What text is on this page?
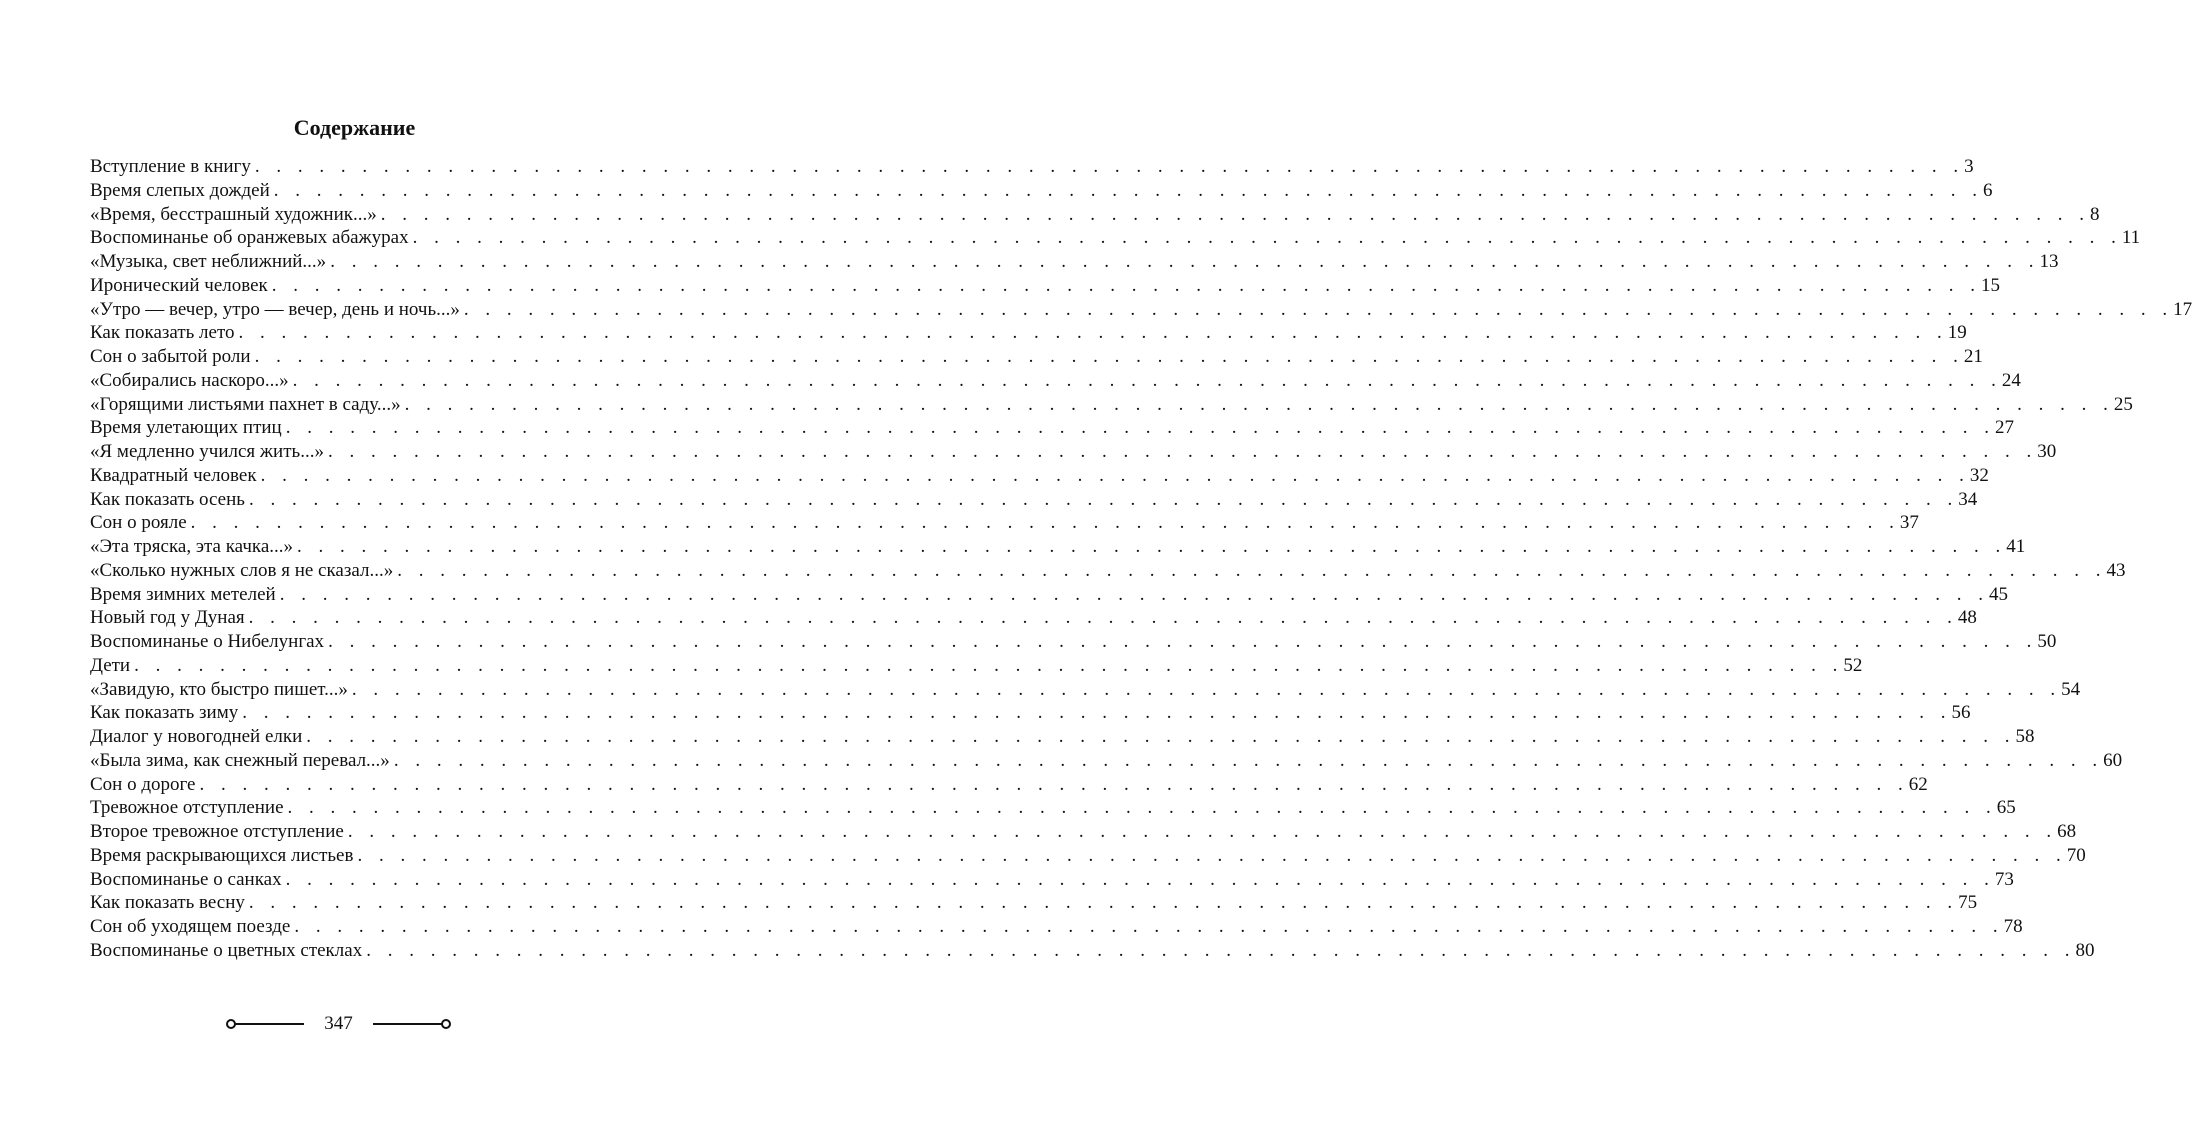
Содержание
Вступление в книгу . . . . . . . . . . . . . . . . . . . . . . . . . . . . . . . . . . . . . . . . . . . . . . . . . . . . . . . . . . . . . . . . . . . . . . . . . . . . . . . . 3
Время слепых дождей . . . . . . . . . . . . . . . . . . . . . . . . . . . . . . . . . . . . . . . . . . . . . . . . . . . . . . . . . . . . . . . . . . . . . . . . . . . . . . . . 6
«Время, бесстрашный художник...» . . . . . . . . . . . . . . . . . . . . . . . . . . . . . . . . . . . . . . . . . . . . . . . . . . . . . . . . . . . . . . . . . . . . . . . . . . . . . . . . 8
Воспоминанье об оранжевых абажурах . . . . . . . . . . . . . . . . . . . . . . . . . . . . . . . . . . . . . . . . . . . . . . . . . . . . . . . . . . . . . . . . . . . . . . . . . . . . . . . . 11
«Музыка, свет неближний...» . . . . . . . . . . . . . . . . . . . . . . . . . . . . . . . . . . . . . . . . . . . . . . . . . . . . . . . . . . . . . . . . . . . . . . . . . . . . . . . . 13
Иронический человек . . . . . . . . . . . . . . . . . . . . . . . . . . . . . . . . . . . . . . . . . . . . . . . . . . . . . . . . . . . . . . . . . . . . . . . . . . . . . . . . 15
«Утро — вечер, утро — вечер, день и ночь...» . . . . . . . . . . . . . . . . . . . . . . . . . . . . . . . . . . . . . . . . . . . . . . . . . . . . . . . . . . . . . . . . . . . . . . . . . . . . . . . . 17
Как показать лето . . . . . . . . . . . . . . . . . . . . . . . . . . . . . . . . . . . . . . . . . . . . . . . . . . . . . . . . . . . . . . . . . . . . . . . . . . . . . . . . 19
Сон о забытой роли . . . . . . . . . . . . . . . . . . . . . . . . . . . . . . . . . . . . . . . . . . . . . . . . . . . . . . . . . . . . . . . . . . . . . . . . . . . . . . . . 21
«Собирались наскоро...» . . . . . . . . . . . . . . . . . . . . . . . . . . . . . . . . . . . . . . . . . . . . . . . . . . . . . . . . . . . . . . . . . . . . . . . . . . . . . . . . 24
«Горящими листьями пахнет в саду...» . . . . . . . . . . . . . . . . . . . . . . . . . . . . . . . . . . . . . . . . . . . . . . . . . . . . . . . . . . . . . . . . . . . . . . . . . . . . . . . . 25
Время улетающих птиц . . . . . . . . . . . . . . . . . . . . . . . . . . . . . . . . . . . . . . . . . . . . . . . . . . . . . . . . . . . . . . . . . . . . . . . . . . . . . . . . 27
«Я медленно учился жить...» . . . . . . . . . . . . . . . . . . . . . . . . . . . . . . . . . . . . . . . . . . . . . . . . . . . . . . . . . . . . . . . . . . . . . . . . . . . . . . . . 30
Квадратный человек . . . . . . . . . . . . . . . . . . . . . . . . . . . . . . . . . . . . . . . . . . . . . . . . . . . . . . . . . . . . . . . . . . . . . . . . . . . . . . . . 32
Как показать осень . . . . . . . . . . . . . . . . . . . . . . . . . . . . . . . . . . . . . . . . . . . . . . . . . . . . . . . . . . . . . . . . . . . . . . . . . . . . . . . . 34
Сон о рояле . . . . . . . . . . . . . . . . . . . . . . . . . . . . . . . . . . . . . . . . . . . . . . . . . . . . . . . . . . . . . . . . . . . . . . . . . . . . . . . . 37
«Эта тряска, эта качка...» . . . . . . . . . . . . . . . . . . . . . . . . . . . . . . . . . . . . . . . . . . . . . . . . . . . . . . . . . . . . . . . . . . . . . . . . . . . . . . . . 41
«Сколько нужных слов я не сказал...» . . . . . . . . . . . . . . . . . . . . . . . . . . . . . . . . . . . . . . . . . . . . . . . . . . . . . . . . . . . . . . . . . . . . . . . . . . . . . . . . 43
Время зимних метелей . . . . . . . . . . . . . . . . . . . . . . . . . . . . . . . . . . . . . . . . . . . . . . . . . . . . . . . . . . . . . . . . . . . . . . . . . . . . . . . . 45
Новый год у Дуная . . . . . . . . . . . . . . . . . . . . . . . . . . . . . . . . . . . . . . . . . . . . . . . . . . . . . . . . . . . . . . . . . . . . . . . . . . . . . . . . 48
Воспоминанье о Нибелунгах . . . . . . . . . . . . . . . . . . . . . . . . . . . . . . . . . . . . . . . . . . . . . . . . . . . . . . . . . . . . . . . . . . . . . . . . . . . . . . . . 50
Дети . . . . . . . . . . . . . . . . . . . . . . . . . . . . . . . . . . . . . . . . . . . . . . . . . . . . . . . . . . . . . . . . . . . . . . . . . . . . . . . . 52
«Завидую, кто быстро пишет...» . . . . . . . . . . . . . . . . . . . . . . . . . . . . . . . . . . . . . . . . . . . . . . . . . . . . . . . . . . . . . . . . . . . . . . . . . . . . . . . . 54
Как показать зиму . . . . . . . . . . . . . . . . . . . . . . . . . . . . . . . . . . . . . . . . . . . . . . . . . . . . . . . . . . . . . . . . . . . . . . . . . . . . . . . . 56
Диалог у новогодней елки . . . . . . . . . . . . . . . . . . . . . . . . . . . . . . . . . . . . . . . . . . . . . . . . . . . . . . . . . . . . . . . . . . . . . . . . . . . . . . . . 58
«Была зима, как снежный перевал...» . . . . . . . . . . . . . . . . . . . . . . . . . . . . . . . . . . . . . . . . . . . . . . . . . . . . . . . . . . . . . . . . . . . . . . . . . . . . . . . . 60
Сон о дороге . . . . . . . . . . . . . . . . . . . . . . . . . . . . . . . . . . . . . . . . . . . . . . . . . . . . . . . . . . . . . . . . . . . . . . . . . . . . . . . . 62
Тревожное отступление . . . . . . . . . . . . . . . . . . . . . . . . . . . . . . . . . . . . . . . . . . . . . . . . . . . . . . . . . . . . . . . . . . . . . . . . . . . . . . . . 65
Второе тревожное отступление . . . . . . . . . . . . . . . . . . . . . . . . . . . . . . . . . . . . . . . . . . . . . . . . . . . . . . . . . . . . . . . . . . . . . . . . . . . . . . . . 68
Время раскрывающихся листьев . . . . . . . . . . . . . . . . . . . . . . . . . . . . . . . . . . . . . . . . . . . . . . . . . . . . . . . . . . . . . . . . . . . . . . . . . . . . . . . . 70
Воспоминанье о санках . . . . . . . . . . . . . . . . . . . . . . . . . . . . . . . . . . . . . . . . . . . . . . . . . . . . . . . . . . . . . . . . . . . . . . . . . . . . . . . . 73
Как показать весну . . . . . . . . . . . . . . . . . . . . . . . . . . . . . . . . . . . . . . . . . . . . . . . . . . . . . . . . . . . . . . . . . . . . . . . . . . . . . . . . 75
Сон об уходящем поезде . . . . . . . . . . . . . . . . . . . . . . . . . . . . . . . . . . . . . . . . . . . . . . . . . . . . . . . . . . . . . . . . . . . . . . . . . . . . . . . . 78
Воспоминанье о цветных стеклах . . . . . . . . . . . . . . . . . . . . . . . . . . . . . . . . . . . . . . . . . . . . . . . . . . . . . . . . . . . . . . . . . . . . . . . . . . . . . . . . 80
347
